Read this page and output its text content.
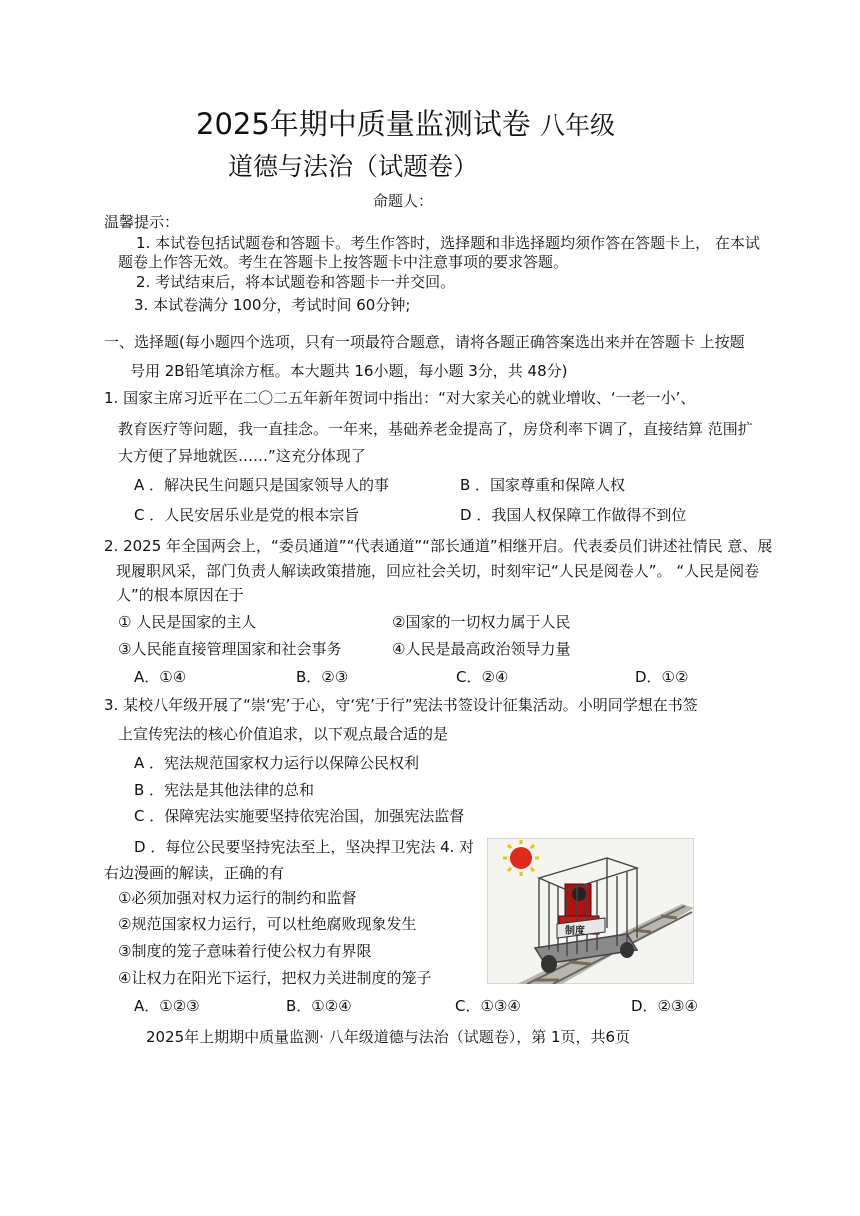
2025年期中质量监测试卷 八年级
道德与法治（试题卷）
命题人：
温馨提示：
1. 本试卷包括试题卷和答题卡。考生作答时，选择题和非选择题均须作答在答题卡上， 在本试
题卷上作答无效。考生在答题卡上按答题卡中注意事项的要求答题。
2. 考试结束后，将本试题卷和答题卡一并交回。
3. 本试卷满分 100分，考试时间 60分钟;
一、选择题(每小题四个选项，只有一项最符合题意，请将各题正确答案选出来并在答题卡 上按题
号用 2B铅笔填涂方框。本大题共 16小题，每小题 3分，共 48分)
1. 国家主席习近平在二〇二五年新年贺词中指出：“对大家关心的就业增收、‘一老一小’、
教育医疗等问题，我一直挂念。一年来，基础养老金提高了，房贷利率下调了，直接结算 范围扩
大方便了异地就医……”这充分体现了
A ．解决民生问题只是国家领导人的事	B ．国家尊重和保障人权
C ．人民安居乐业是党的根本宗旨	D ．我国人权保障工作做得不到位
2. 2025 年全国两会上，“委员通道”“代表通道”“部长通道”相继开启。代表委员们讲述社情民 意、展
现履职风采，部门负责人解读政策措施，回应社会关切，时刻牢记“人民是阅卷人”。 “人民是阅卷
人”的根本原因在于
① 人民是国家的主人	②国家的一切权力属于人民
③人民能直接管理国家和社会事务	④人民是最高政治领导力量
A．①④	B．②③	C．②④	D．①②
3. 某校八年级开展了“崇‘宪’于心，守‘宪’于行”宪法书签设计征集活动。小明同学想在书签
上宣传宪法的核心价值追求，以下观点最合适的是
A ．宪法规范国家权力运行以保障公民权利
B ．宪法是其他法律的总和
C ．保障宪法实施要坚持依宪治国，加强宪法监督
D ．每位公民要坚持宪法至上，坚决捍卫宪法 4. 对
右边漫画的解读，正确的有
①必须加强对权力运行的制约和监督
②规范国家权力运行，可以杜绝腐败现象发生
③制度的笼子意味着行使公权力有界限
④让权力在阳光下运行，把权力关进制度的笼子
A．①②③	B．①②④	C．①③④	D．②③④
制度
2025年上期期中质量监测· 八年级道德与法治（试题卷），第 1页，共6页
